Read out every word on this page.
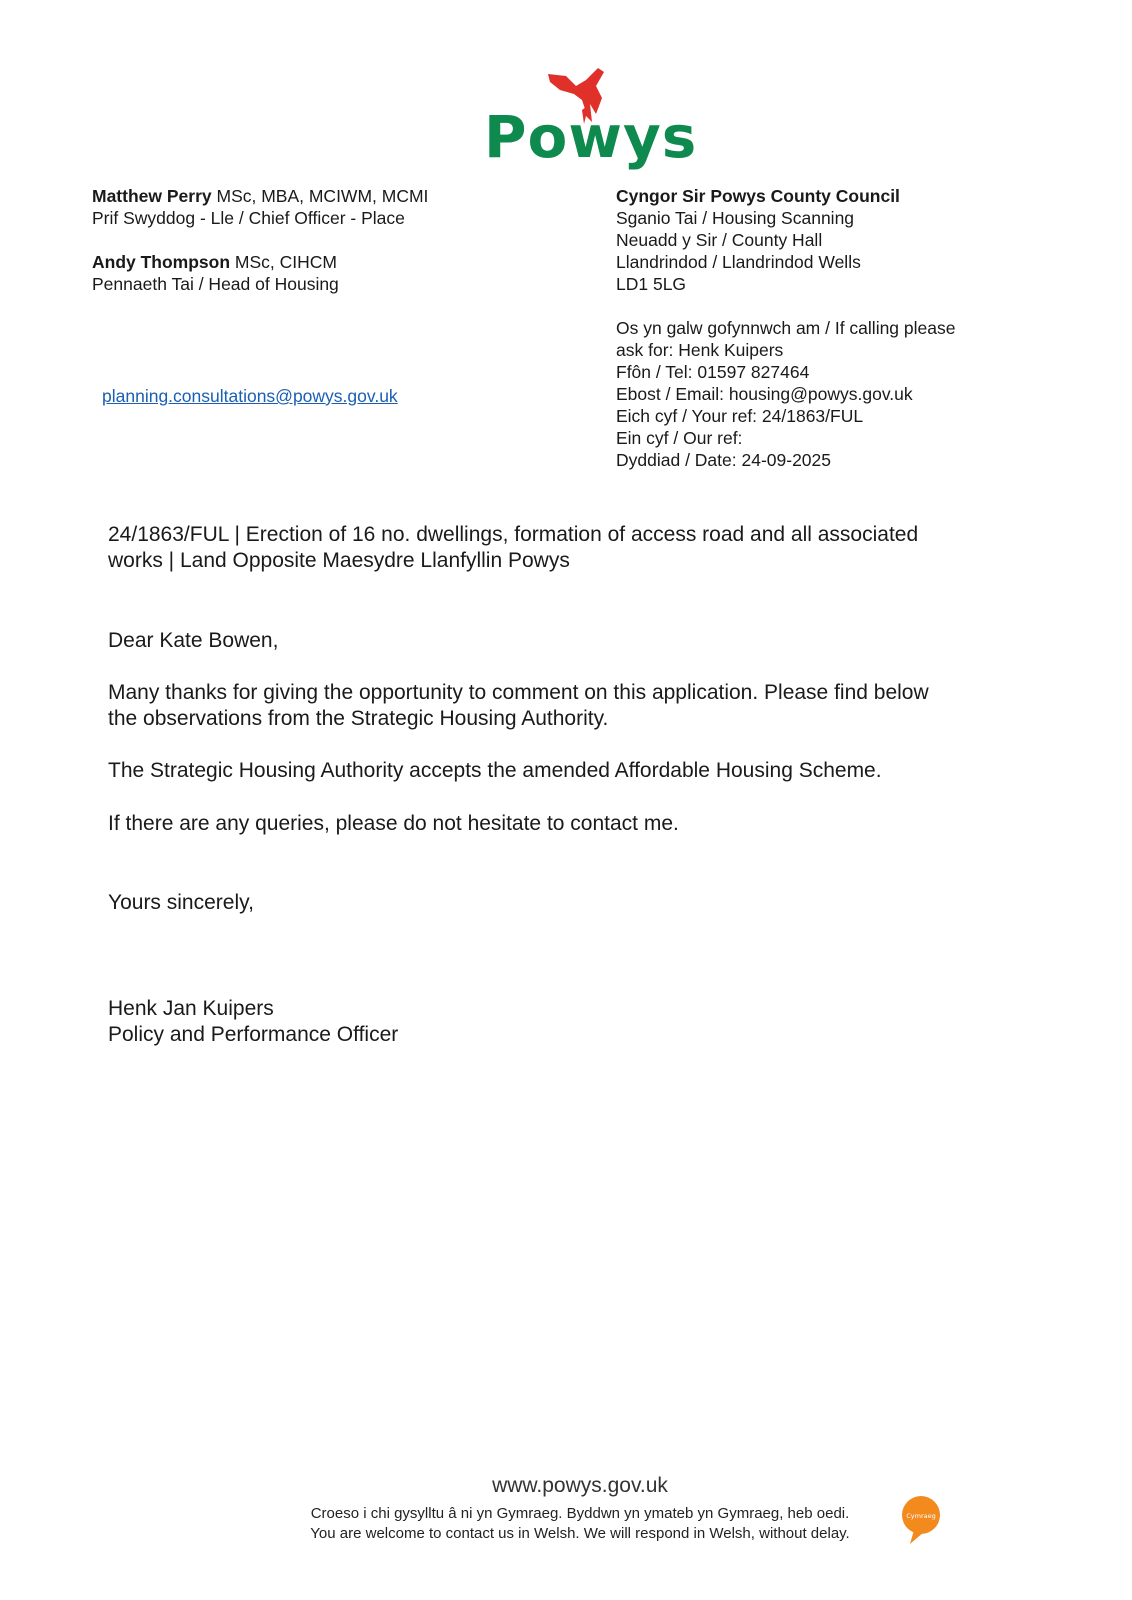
Powys
Matthew Perry MSc, MBA, MCIWM, MCMI
Prif Swyddog - Lle / Chief Officer - Place
Andy Thompson MSc, CIHCM
Pennaeth Tai / Head of Housing
planning.consultations@powys.gov.uk
Cyngor Sir Powys County Council
Sganio Tai / Housing Scanning
Neuadd y Sir / County Hall
Llandrindod / Llandrindod Wells
LD1 5LG
Os yn galw gofynnwch am / If calling please
ask for: Henk Kuipers
Ffôn / Tel: 01597 827464
Ebost / Email: housing@powys.gov.uk
Eich cyf / Your ref: 24/1863/FUL
Ein cyf / Our ref:
Dyddiad / Date: 24-09-2025
24/1863/FUL | Erection of 16 no. dwellings, formation of access road and all associated
works | Land Opposite Maesydre Llanfyllin Powys
Dear Kate Bowen,
Many thanks for giving the opportunity to comment on this application. Please find below
the observations from the Strategic Housing Authority.
The Strategic Housing Authority accepts the amended Affordable Housing Scheme.
If there are any queries, please do not hesitate to contact me.
Yours sincerely,
Henk Jan Kuipers
Policy and Performance Officer
www.powys.gov.uk
Croeso i chi gysylltu â ni yn Gymraeg. Byddwn yn ymateb yn Gymraeg, heb oedi.
You are welcome to contact us in Welsh. We will respond in Welsh, without delay.
Cymraeg
